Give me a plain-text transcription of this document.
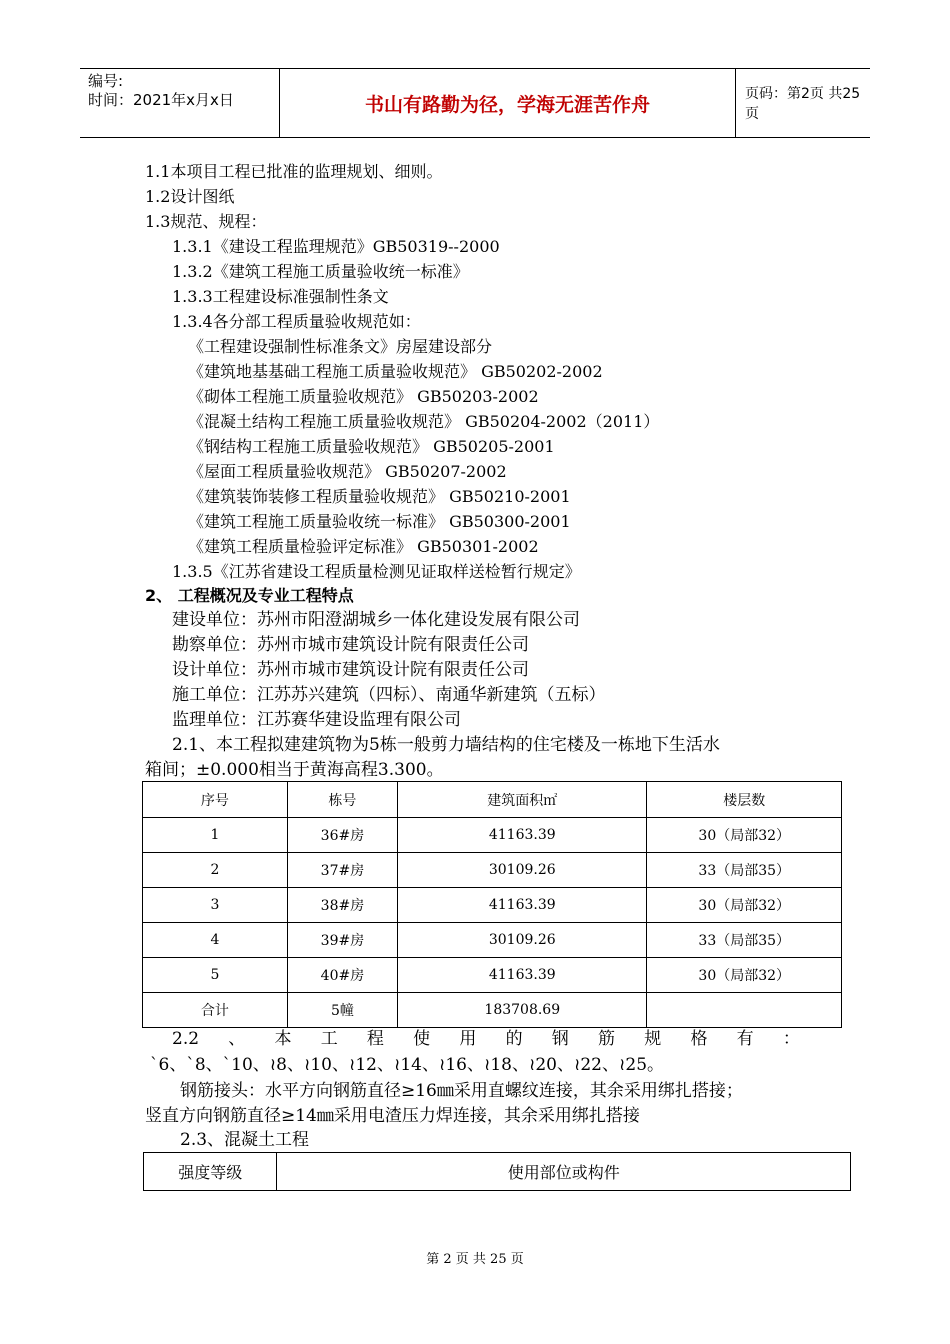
编号:
时间：2021年x月x日	书山有路勤为径，学海无涯苦作舟	页码：第2页 共25页
1.1本项目工程已批准的监理规划、细则。
1.2设计图纸
1.3规范、规程：
1.3.1《建设工程监理规范》GB50319--2000
1.3.2《建筑工程施工质量验收统一标准》
1.3.3工程建设标准强制性条文
1.3.4各分部工程质量验收规范如：
《工程建设强制性标准条文》房屋建设部分
《建筑地基基础工程施工质量验收规范》 GB50202-2002
《砌体工程施工质量验收规范》 GB50203-2002
《混凝土结构工程施工质量验收规范》 GB50204-2002（2011）
《钢结构工程施工质量验收规范》 GB50205-2001
《屋面工程质量验收规范》 GB50207-2002
《建筑装饰装修工程质量验收规范》 GB50210-2001
《建筑工程施工质量验收统一标准》 GB50300-2001
《建筑工程质量检验评定标准》 GB50301-2002
1.3.5《江苏省建设工程质量检测见证取样送检暂行规定》
2、 工程概况及专业工程特点
建设单位：苏州市阳澄湖城乡一体化建设发展有限公司
勘察单位：苏州市城市建筑设计院有限责任公司
设计单位：苏州市城市建筑设计院有限责任公司
施工单位：江苏苏兴建筑（四标）、南通华新建筑（五标）
监理单位：江苏赛华建设监理有限公司
2.1、本工程拟建建筑物为5栋一般剪力墙结构的住宅楼及一栋地下生活水
箱间；±0.000相当于黄海高程3.300。
序号	栋号	建筑面积㎡	楼层数
1	36#房	41163.39	30（局部32）
2	37#房	30109.26	33（局部35）
3	38#房	41163.39	30（局部32）
4	39#房	30109.26	33（局部35）
5	40#房	41163.39	30（局部32）
合计	5幢	183708.69	
2.2 、 本 工 程 使 用 的 钢 筋 规 格 有 ：
`6、`8、`10、≀8、≀10、≀12、≀14、≀16、≀18、≀20、≀22、≀25。
钢筋接头：水平方向钢筋直径≥16㎜采用直螺纹连接，其余采用绑扎搭接；
竖直方向钢筋直径≥14㎜采用电渣压力焊连接，其余采用绑扎搭接
2.3、混凝土工程
强度等级	使用部位或构件
第 2 页 共 25 页
